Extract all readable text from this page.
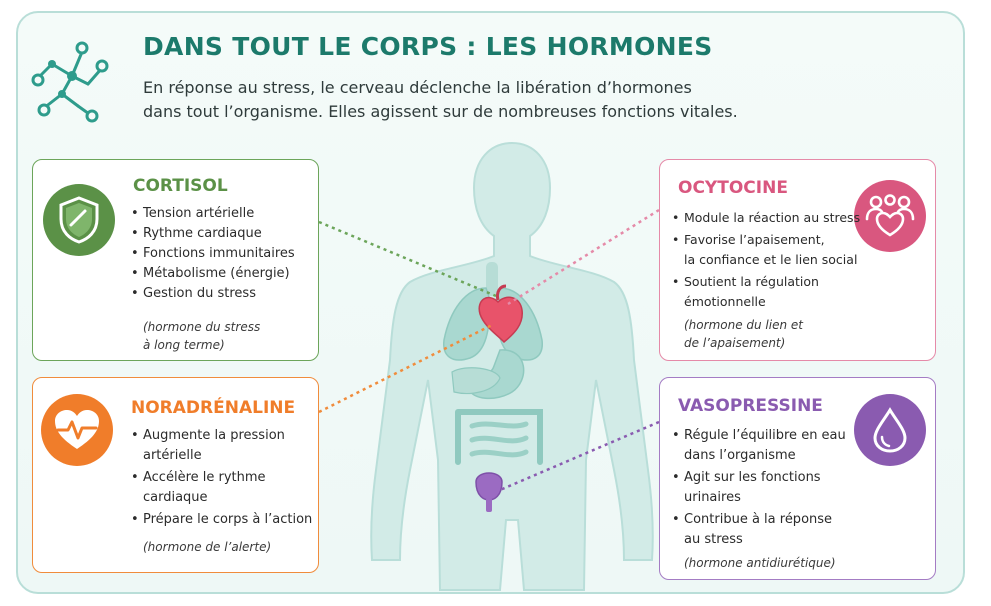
DANS TOUT LE CORPS : LES HORMONES
En réponse au stress, le cerveau déclenche la libération d’hormones
dans tout l’organisme. Elles agissent sur de nombreuses fonctions vitales.
CORTISOL
• Tension artérielle
• Rythme cardiaque
• Fonctions immunitaires
• Métabolisme (énergie)
• Gestion du stress
(hormone du stress
à long terme)
NORADRÉNALINE
• Augmente la pression
artérielle
• Accélère le rythme
cardiaque
• Prépare le corps à l’action
(hormone de l’alerte)
OCYTOCINE
• Module la réaction au stress
• Favorise l’apaisement,
la confiance et le lien social
• Soutient la régulation
émotionnelle
(hormone du lien et
de l’apaisement)
VASOPRESSINE
• Régule l’équilibre en eau
dans l’organisme
• Agit sur les fonctions
urinaires
• Contribue à la réponse
au stress
(hormone antidiurétique)
